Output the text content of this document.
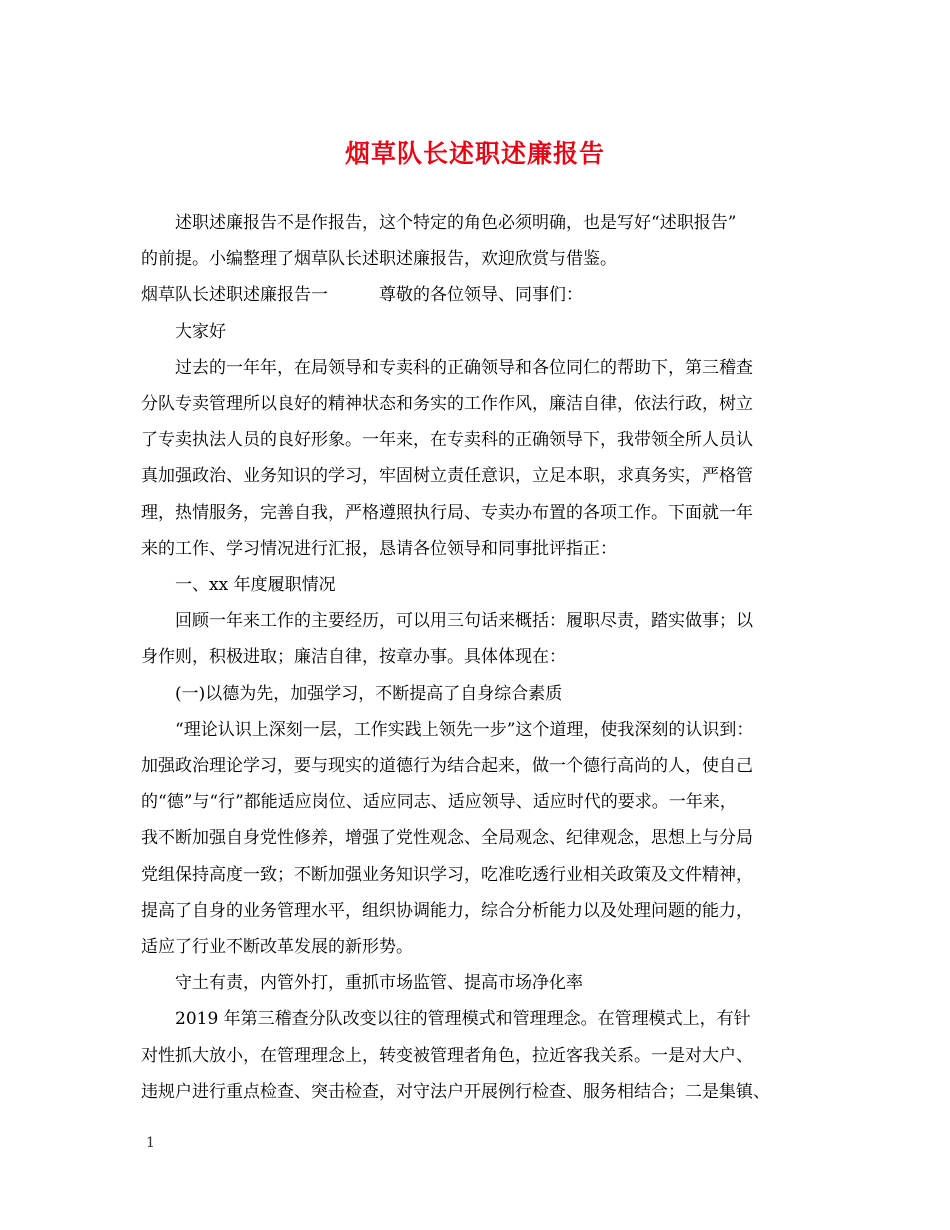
烟草队长述职述廉报告
述职述廉报告不是作报告，这个特定的角色必须明确，也是写好“述职报告”
的前提。小编整理了烟草队长述职述廉报告，欢迎欣赏与借鉴。
烟草队长述职述廉报告一　　　尊敬的各位领导、同事们：
大家好
过去的一年年，在局领导和专卖科的正确领导和各位同仁的帮助下，第三稽查
分队专卖管理所以良好的精神状态和务实的工作作风，廉洁自律，依法行政，树立
了专卖执法人员的良好形象。一年来，在专卖科的正确领导下，我带领全所人员认
真加强政治、业务知识的学习，牢固树立责任意识，立足本职，求真务实，严格管
理，热情服务，完善自我，严格遵照执行局、专卖办布置的各项工作。下面就一年
来的工作、学习情况进行汇报，恳请各位领导和同事批评指正：
一、xx 年度履职情况
回顾一年来工作的主要经历，可以用三句话来概括：履职尽责，踏实做事；以
身作则，积极进取；廉洁自律，按章办事。具体体现在：
(一)以德为先，加强学习，不断提高了自身综合素质
“理论认识上深刻一层，工作实践上领先一步”这个道理，使我深刻的认识到：
加强政治理论学习，要与现实的道德行为结合起来，做一个德行高尚的人，使自己
的“德”与“行”都能适应岗位、适应同志、适应领导、适应时代的要求。一年来，
我不断加强自身党性修养，增强了党性观念、全局观念、纪律观念，思想上与分局
党组保持高度一致；不断加强业务知识学习，吃准吃透行业相关政策及文件精神，
提高了自身的业务管理水平，组织协调能力，综合分析能力以及处理问题的能力，
适应了行业不断改革发展的新形势。
守土有责，内管外打，重抓市场监管、提高市场净化率
2019 年第三稽查分队改变以往的管理模式和管理理念。在管理模式上，有针
对性抓大放小，在管理理念上，转变被管理者角色，拉近客我关系。一是对大户、
违规户进行重点检查、突击检查，对守法户开展例行检查、服务相结合；二是集镇、
1
